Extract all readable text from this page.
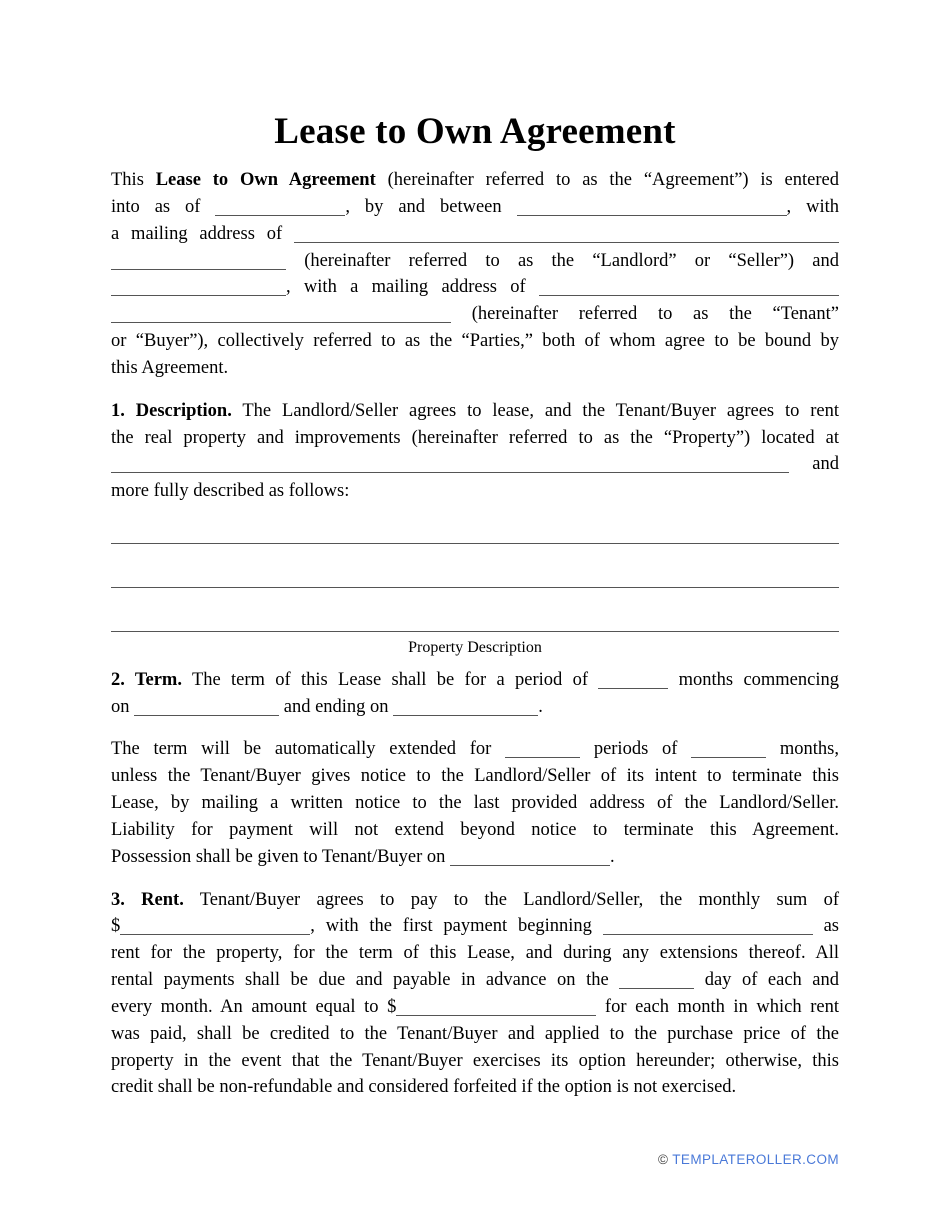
Lease to Own Agreement
This Lease to Own Agreement (hereinafter referred to as the “Agreement”) is entered
into as of	, by and between	, with
a mailing address of
(hereinafter referred to as the “Landlord” or “Seller”) and
, with a mailing address of
(hereinafter referred to as the “Tenant”
or “Buyer”), collectively referred to as the “Parties,” both of whom agree to be bound by
this Agreement.
1. Description. The Landlord/Seller agrees to lease, and the Tenant/Buyer agrees to rent
the real property and improvements (hereinafter referred to as the “Property”) located at
and
more fully described as follows:
Property Description
2. Term. The term of this Lease shall be for a period of	months commencing
on	and ending on	.
The term will be automatically extended for	periods of	months,
unless the Tenant/Buyer gives notice to the Landlord/Seller of its intent to terminate this
Lease, by mailing a written notice to the last provided address of the Landlord/Seller.
Liability for payment will not extend beyond notice to terminate this Agreement.
Possession shall be given to Tenant/Buyer on	.
3. Rent. Tenant/Buyer agrees to pay to the Landlord/Seller, the monthly sum of
$	, with the first payment beginning	as
rent for the property, for the term of this Lease, and during any extensions thereof. All
rental payments shall be due and payable in advance on the	day of each and
every month. An amount equal to $	for each month in which rent
was paid, shall be credited to the Tenant/Buyer and applied to the purchase price of the
property in the event that the Tenant/Buyer exercises its option hereunder; otherwise, this
credit shall be non-refundable and considered forfeited if the option is not exercised.
© TEMPLATEROLLER.COM
